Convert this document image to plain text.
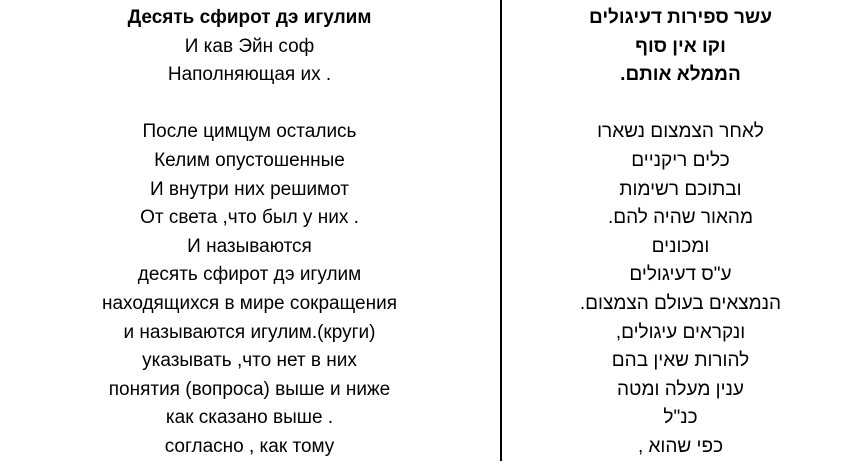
Десять сфирот дэ игулим
И кав Эйн соф
Наполняющая их .
После цимцум остались
Келим опустошенные
И внутри них решимот
От света ,что был у них .
И называются
десять сфирот дэ игулим
находящихся в мире сокращения
и называются игулим.(круги)
указывать ,что нет в них
понятия (вопроса) выше и ниже
как сказано выше .
согласно , как тому
עשר ספירות דעיגולים
וקו אין סוף
הממלא אותם.
לאחר הצמצום נשארו
כלים ריקניים
ובתוכם רשימות
מהאור שהיה להם.
ומכונים
ע"ס דעיגולים
הנמצאים בעולם הצמצום.
ונקראים עיגולים,
להורות שאין בהם
ענין מעלה ומטה
כנ"ל
כפי שהוא ,
